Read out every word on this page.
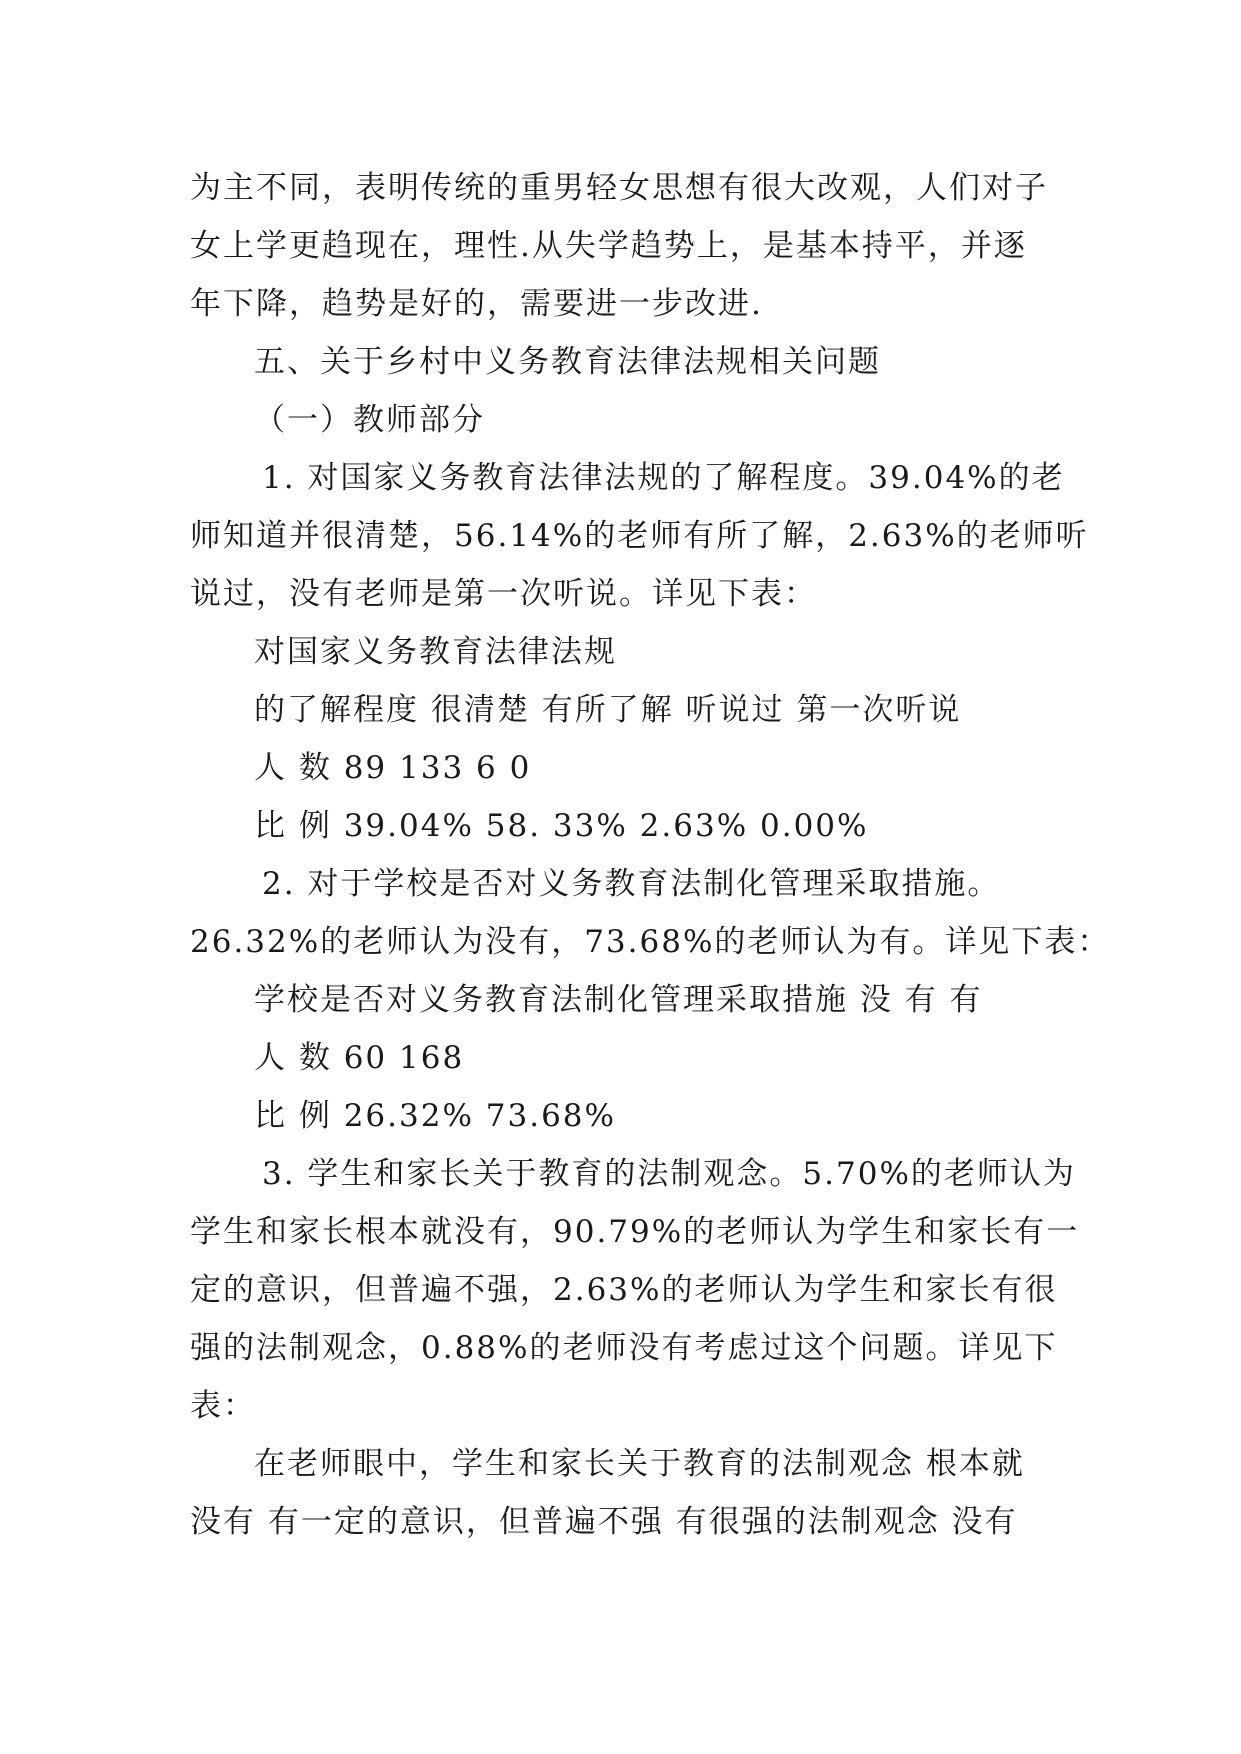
为主不同，表明传统的重男轻女思想有很大改观，人们对子
女上学更趋现在，理性.从失学趋势上，是基本持平，并逐
年下降，趋势是好的，需要进一步改进.
五、关于乡村中义务教育法律法规相关问题
（一）教师部分
1. 对国家义务教育法律法规的了解程度。39.04%的老
师知道并很清楚，56.14%的老师有所了解，2.63%的老师听
说过，没有老师是第一次听说。详见下表：
对国家义务教育法律法规
的了解程度 很清楚 有所了解 听说过 第一次听说
人 数 89 133 6 0
比 例 39.04% 58. 33% 2.63% 0.00%
2. 对于学校是否对义务教育法制化管理采取措施。
26.32%的老师认为没有，73.68%的老师认为有。详见下表：
学校是否对义务教育法制化管理采取措施 没 有 有
人 数 60 168
比 例 26.32% 73.68%
3. 学生和家长关于教育的法制观念。5.70%的老师认为
学生和家长根本就没有，90.79%的老师认为学生和家长有一
定的意识，但普遍不强，2.63%的老师认为学生和家长有很
强的法制观念，0.88%的老师没有考虑过这个问题。详见下
表：
在老师眼中，学生和家长关于教育的法制观念 根本就
没有 有一定的意识，但普遍不强 有很强的法制观念 没有
